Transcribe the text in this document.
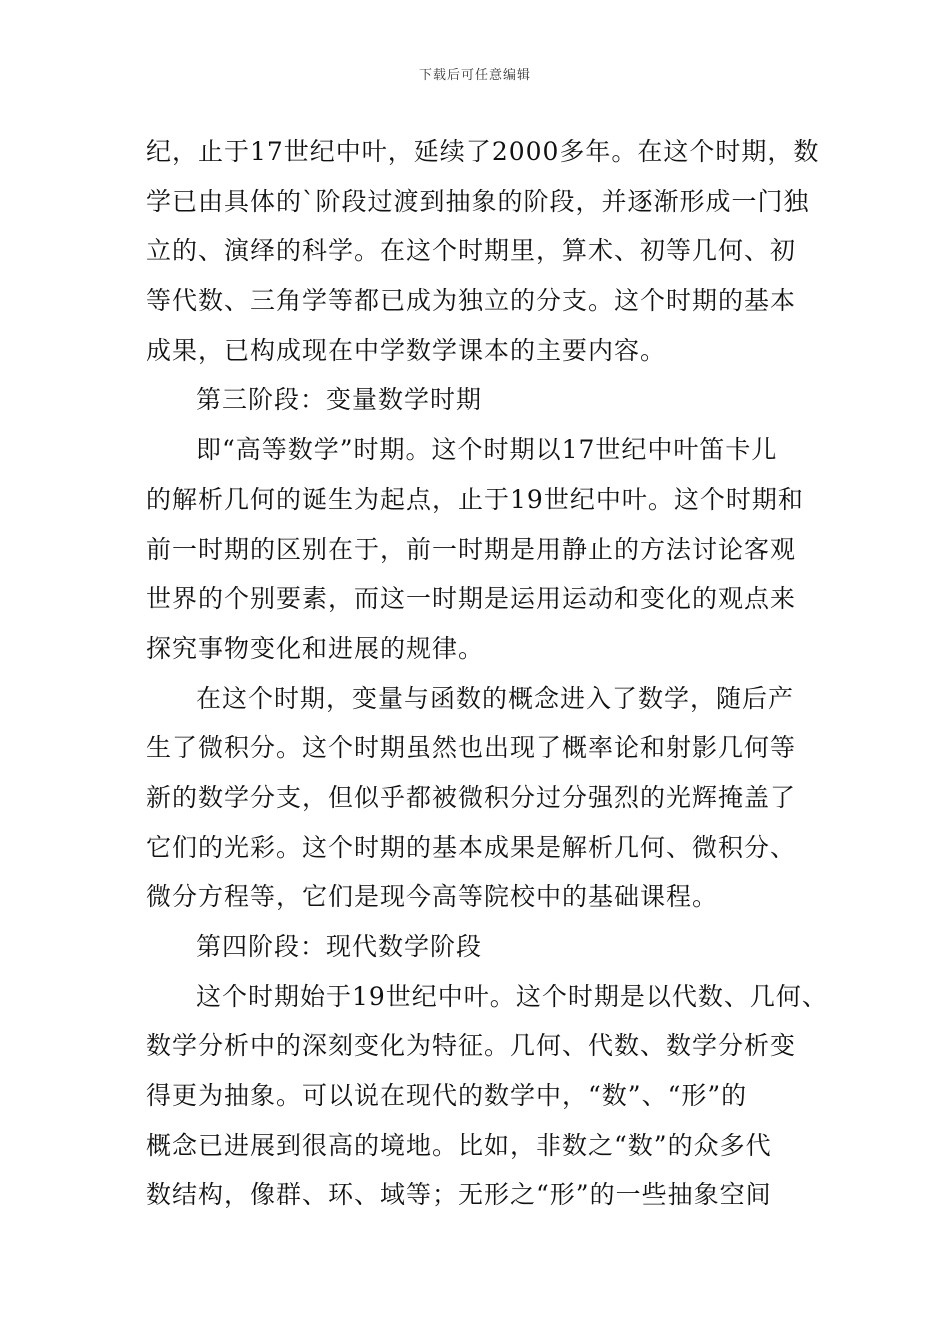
下载后可任意编辑
纪，止于17世纪中叶，延续了2000多年。在这个时期，数
学已由具体的`阶段过渡到抽象的阶段，并逐渐形成一门独
立的、演绎的科学。在这个时期里，算术、初等几何、初
等代数、三角学等都已成为独立的分支。这个时期的基本
成果，已构成现在中学数学课本的主要内容。
第三阶段：变量数学时期
即“高等数学”时期。这个时期以17世纪中叶笛卡儿
的解析几何的诞生为起点，止于19世纪中叶。这个时期和
前一时期的区别在于，前一时期是用静止的方法讨论客观
世界的个别要素，而这一时期是运用运动和变化的观点来
探究事物变化和进展的规律。
在这个时期，变量与函数的概念进入了数学，随后产
生了微积分。这个时期虽然也出现了概率论和射影几何等
新的数学分支，但似乎都被微积分过分强烈的光辉掩盖了
它们的光彩。这个时期的基本成果是解析几何、微积分、
微分方程等，它们是现今高等院校中的基础课程。
第四阶段：现代数学阶段
这个时期始于19世纪中叶。这个时期是以代数、几何、
数学分析中的深刻变化为特征。几何、代数、数学分析变
得更为抽象。可以说在现代的数学中，“数”、“形”的
概念已进展到很高的境地。比如，非数之“数”的众多代
数结构，像群、环、域等；无形之“形”的一些抽象空间
